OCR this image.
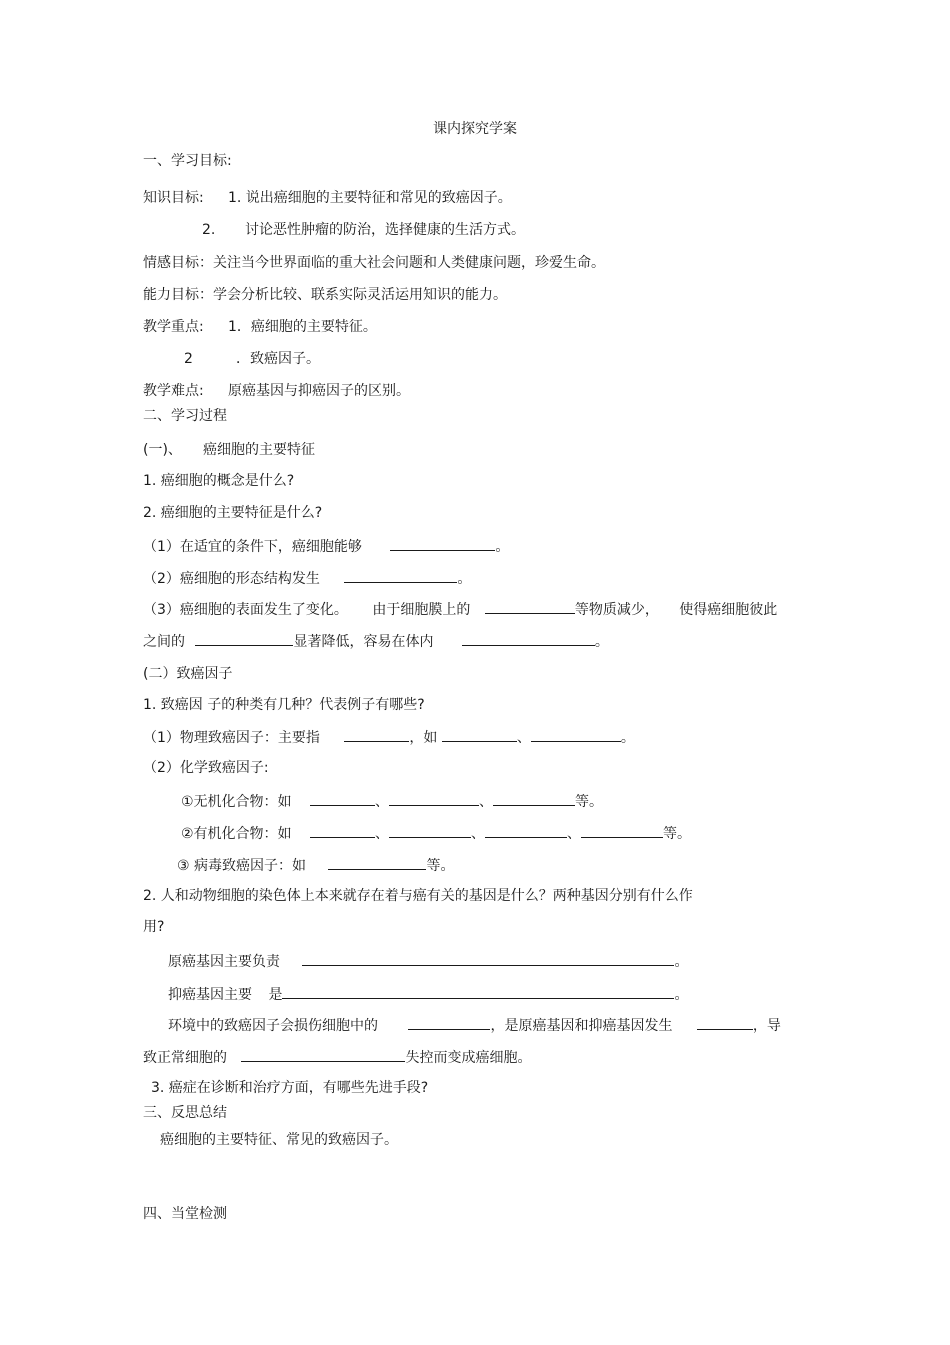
课内探究学案
一、学习目标:
知识目标: 1. 说出癌细胞的主要特征和常见的致癌因子。
2. 讨论恶性肿瘤的防治，选择健康的生活方式。
情感目标：关注当今世界面临的重大社会问题和人类健康问题，珍爱生命。
能力目标：学会分析比较、联系实际灵活运用知识的能力。
教学重点: 1．癌细胞的主要特征。
2	．致癌因子。
教学难点: 原癌基因与抑癌因子的区别。
二、学习过程
(一)、 癌细胞的主要特征
1. 癌细胞的概念是什么?
2. 癌细胞的主要特征是什么?
（1）在适宜的条件下，癌细胞能够	。
（2）癌细胞的形态结构发生	。
（3）癌细胞的表面发生了变化。 由于细胞膜上的	等物质减少， 使得癌细胞彼此
之间的	显著降低，容易在体内	。
(二）致癌因子
1. 致癌因 子的种类有几种？代表例子有哪些?
（1）物理致癌因子：主要指	，如	、	。
（2）化学致癌因子:
①无机化合物：如	、	、	等。
②有机化合物：如	、	、	、	等。
③ 病毒致癌因子：如	等。
2. 人和动物细胞的染色体上本来就存在着与癌有关的基因是什么？两种基因分别有什么作
用?
原癌基因主要负责	。
抑癌基因主要 是	。
环境中的致癌因子会损伤细胞中的	，是原癌基因和抑癌基因发生	，导
致正常细胞的	失控而变成癌细胞。
3. 癌症在诊断和治疗方面，有哪些先进手段?
三、反思总结
癌细胞的主要特征、常见的致癌因子。
四、当堂检测
